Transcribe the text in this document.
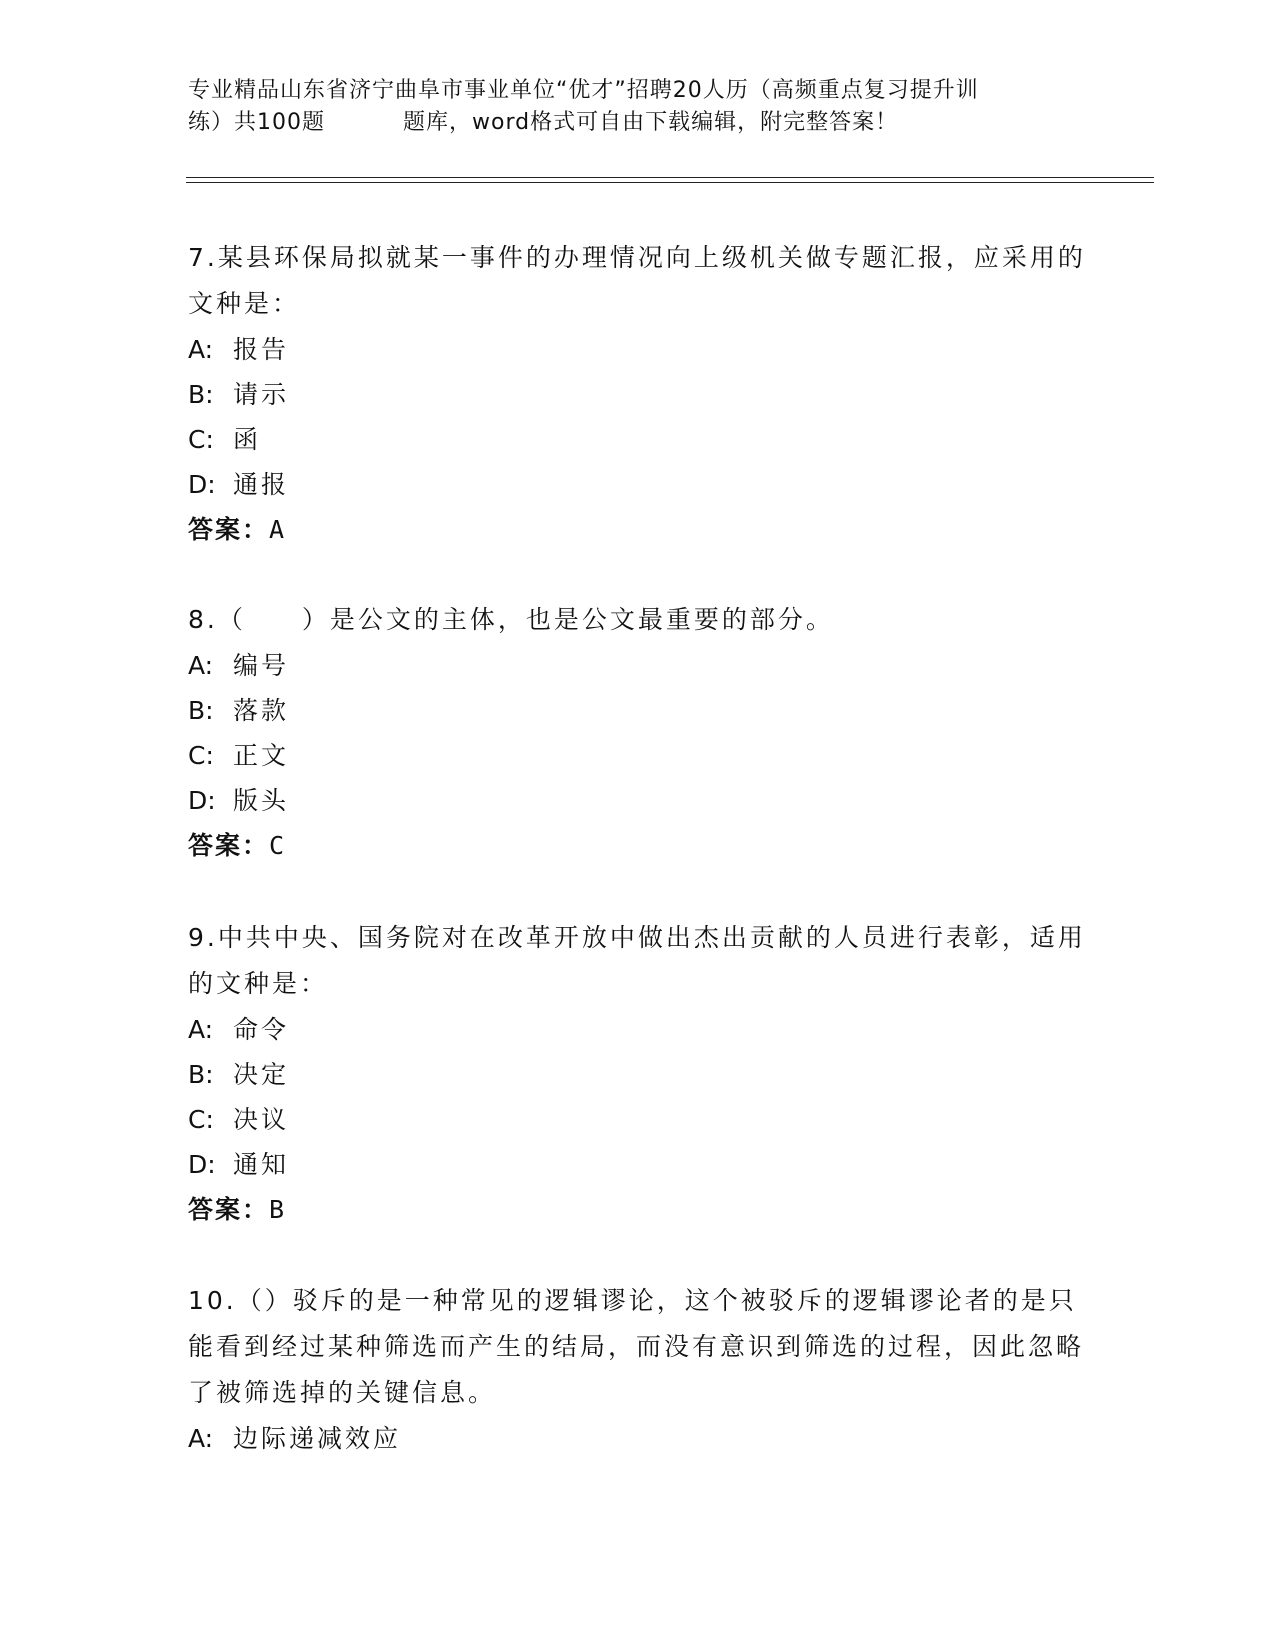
专业精品山东省济宁曲阜市事业单位“优才”招聘20人历（高频重点复习提升训
练）共100题	题库，word格式可自由下载编辑，附完整答案！

7.某县环保局拟就某一事件的办理情况向上级机关做专题汇报，应采用的文种是：

A: 报告

B: 请示

C: 函

D: 通报

答案：A

8.（　　）是公文的主体，也是公文最重要的部分。

A: 编号

B: 落款

C: 正文

D: 版头

答案：C

9.中共中央、国务院对在改革开放中做出杰出贡献的人员进行表彰，适用的文种是：

A: 命令

B: 决定

C: 决议

D: 通知

答案：B

10.（）驳斥的是一种常见的逻辑谬论，这个被驳斥的逻辑谬论者的是只能看到经过某种筛选而产生的结局，而没有意识到筛选的过程，因此忽略了被筛选掉的关键信息。

A: 边际递减效应
